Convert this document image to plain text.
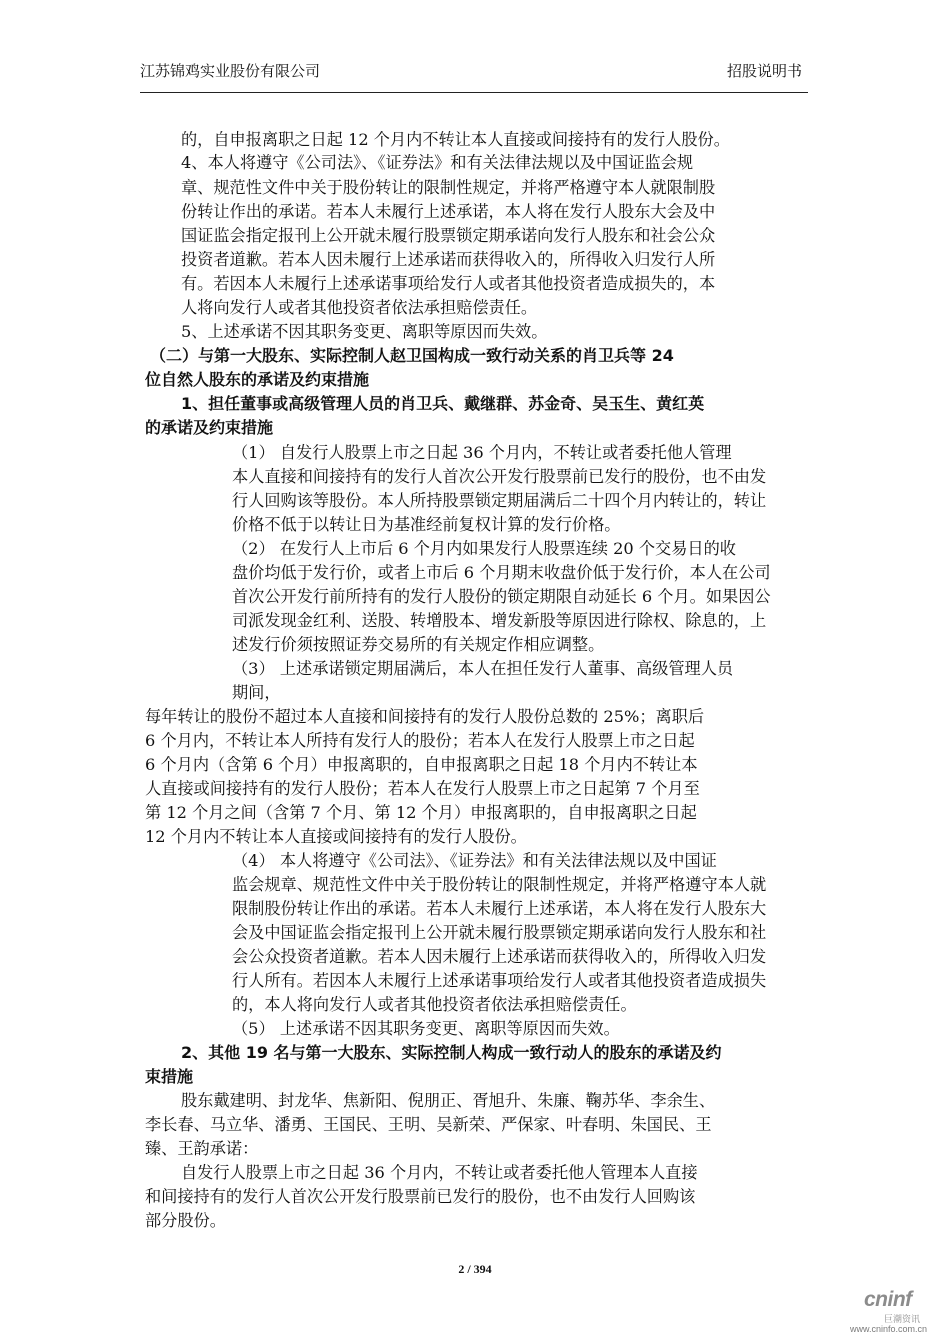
江苏锦鸡实业股份有限公司	招股说明书
的，自申报离职之日起 12 个月内不转让本人直接或间接持有的发行人股份。
4、本人将遵守《公司法》、《证券法》和有关法律法规以及中国证监会规
章、规范性文件中关于股份转让的限制性规定，并将严格遵守本人就限制股
份转让作出的承诺。若本人未履行上述承诺，本人将在发行人股东大会及中
国证监会指定报刊上公开就未履行股票锁定期承诺向发行人股东和社会公众
投资者道歉。若本人因未履行上述承诺而获得收入的，所得收入归发行人所
有。若因本人未履行上述承诺事项给发行人或者其他投资者造成损失的，本
人将向发行人或者其他投资者依法承担赔偿责任。
5、上述承诺不因其职务变更、离职等原因而失效。
（二）与第一大股东、实际控制人赵卫国构成一致行动关系的肖卫兵等 24
位自然人股东的承诺及约束措施
1、担任董事或高级管理人员的肖卫兵、戴继群、苏金奇、吴玉生、黄红英
的承诺及约束措施
（1） 自发行人股票上市之日起 36 个月内，不转让或者委托他人管理
本人直接和间接持有的发行人首次公开发行股票前已发行的股份，也不由发
行人回购该等股份。本人所持股票锁定期届满后二十四个月内转让的，转让
价格不低于以转让日为基准经前复权计算的发行价格。
（2） 在发行人上市后 6 个月内如果发行人股票连续 20 个交易日的收
盘价均低于发行价，或者上市后 6 个月期末收盘价低于发行价，本人在公司
首次公开发行前所持有的发行人股份的锁定期限自动延长 6 个月。如果因公
司派发现金红利、送股、转增股本、增发新股等原因进行除权、除息的，上
述发行价须按照证券交易所的有关规定作相应调整。
（3） 上述承诺锁定期届满后，本人在担任发行人董事、高级管理人员
期间，
每年转让的股份不超过本人直接和间接持有的发行人股份总数的 25%；离职后
6 个月内，不转让本人所持有发行人的股份；若本人在发行人股票上市之日起
6 个月内（含第 6 个月）申报离职的，自申报离职之日起 18 个月内不转让本
人直接或间接持有的发行人股份；若本人在发行人股票上市之日起第 7 个月至
第 12 个月之间（含第 7 个月、第 12 个月）申报离职的，自申报离职之日起
12 个月内不转让本人直接或间接持有的发行人股份。
（4） 本人将遵守《公司法》、《证券法》和有关法律法规以及中国证
监会规章、规范性文件中关于股份转让的限制性规定，并将严格遵守本人就
限制股份转让作出的承诺。若本人未履行上述承诺，本人将在发行人股东大
会及中国证监会指定报刊上公开就未履行股票锁定期承诺向发行人股东和社
会公众投资者道歉。若本人因未履行上述承诺而获得收入的，所得收入归发
行人所有。若因本人未履行上述承诺事项给发行人或者其他投资者造成损失
的，本人将向发行人或者其他投资者依法承担赔偿责任。
（5） 上述承诺不因其职务变更、离职等原因而失效。
2、其他 19 名与第一大股东、实际控制人构成一致行动人的股东的承诺及约
束措施
股东戴建明、封龙华、焦新阳、倪朋正、胥旭升、朱廉、鞠苏华、李余生、
李长春、马立华、潘勇、王国民、王明、吴新荣、严保家、叶春明、朱国民、王
臻、王韵承诺：
自发行人股票上市之日起 36 个月内，不转让或者委托他人管理本人直接
和间接持有的发行人首次公开发行股票前已发行的股份，也不由发行人回购该
部分股份。
2 / 394
cninf
巨潮资讯
www.cninfo.com.cn
